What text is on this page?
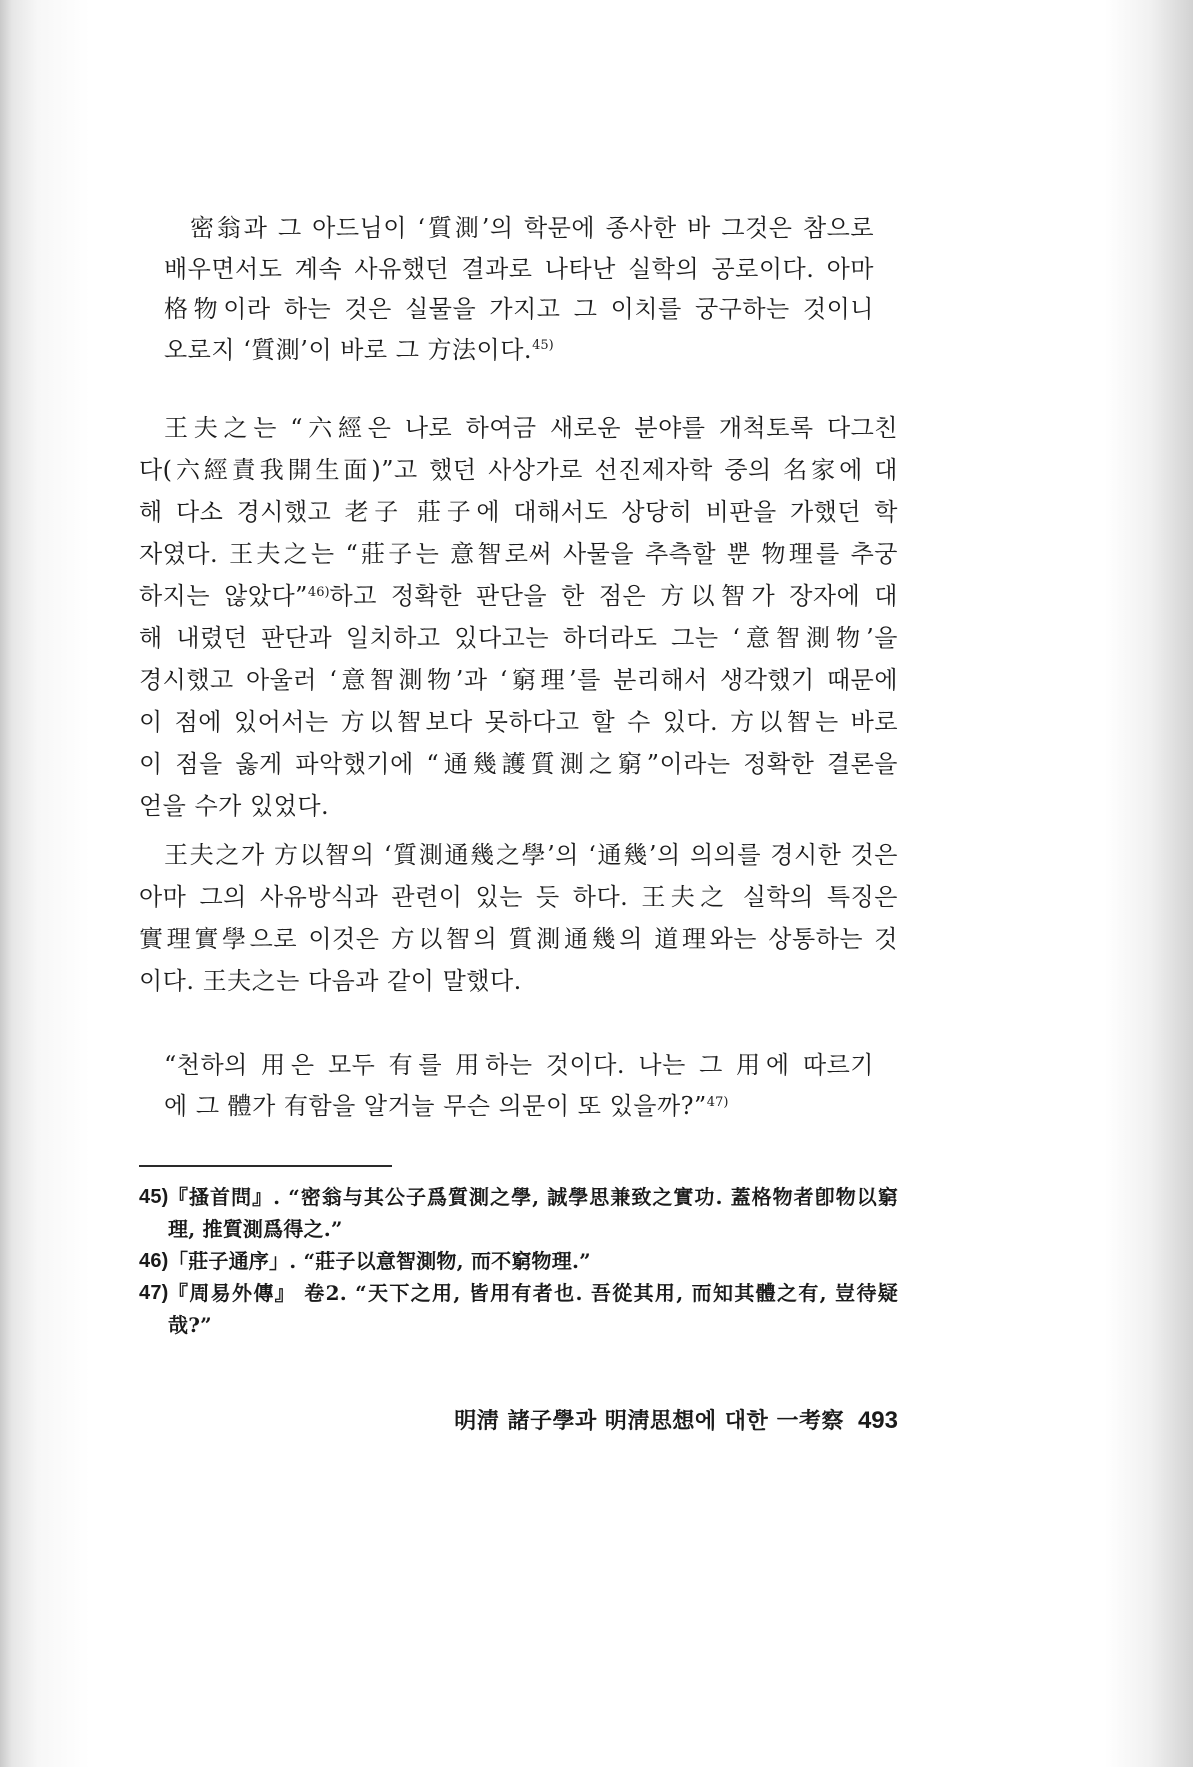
密翁과 그 아드님이 ‘質測’의 학문에 종사한 바 그것은 참으로
배우면서도 계속 사유했던 결과로 나타난 실학의 공로이다. 아마
格物이라 하는 것은 실물을 가지고 그 이치를 궁구하는 것이니
오로지 ‘質測’이 바로 그 方法이다.$^{45)}$
王夫之는 “六經은 나로 하여금 새로운 분야를 개척토록 다그친
다(六經責我開生面)”고 했던 사상가로 선진제자학 중의 名家에 대
해 다소 경시했고 老子 莊子에 대해서도 상당히 비판을 가했던 학
자였다. 王夫之는 “莊子는 意智로써 사물을 추측할 뿐 物理를 추궁
하지는 않았다”$^{46)}$하고 정확한 판단을 한 점은 方以智가 장자에 대
해 내렸던 판단과 일치하고 있다고는 하더라도 그는 ‘意智測物’을
경시했고 아울러 ‘意智測物’과 ‘窮理’를 분리해서 생각했기 때문에
이 점에 있어서는 方以智보다 못하다고 할 수 있다. 方以智는 바로
이 점을 옳게 파악했기에 “通幾護質測之窮”이라는 정확한 결론을
얻을 수가 있었다.
王夫之가 方以智의 ‘質測通幾之學’의 ‘通幾’의 의의를 경시한 것은
아마 그의 사유방식과 관련이 있는 듯 하다. 王夫之 실학의 특징은
實理實學으로 이것은 方以智의 質測通幾의 道理와는 상통하는 것
이다. 王夫之는 다음과 같이 말했다.
“천하의 用은 모두 有를 用하는 것이다. 나는 그 用에 따르기
에 그 體가 有함을 알거늘 무슨 의문이 또 있을까?”$^{47)}$
45) 『搔首問』. “密翁与其公子爲質測之學, 誠學思兼致之實功. 蓋格物者卽物以窮
理, 推質測爲得之.”
46) 「莊子通序」. “莊子以意智測物, 而不窮物理.”
47) 『周易外傳』 卷2. “天下之用, 皆用有者也. 吾從其用, 而知其體之有, 豈待疑
哉?”
明淸 諸子學과 明淸思想에 대한 一考察 493
